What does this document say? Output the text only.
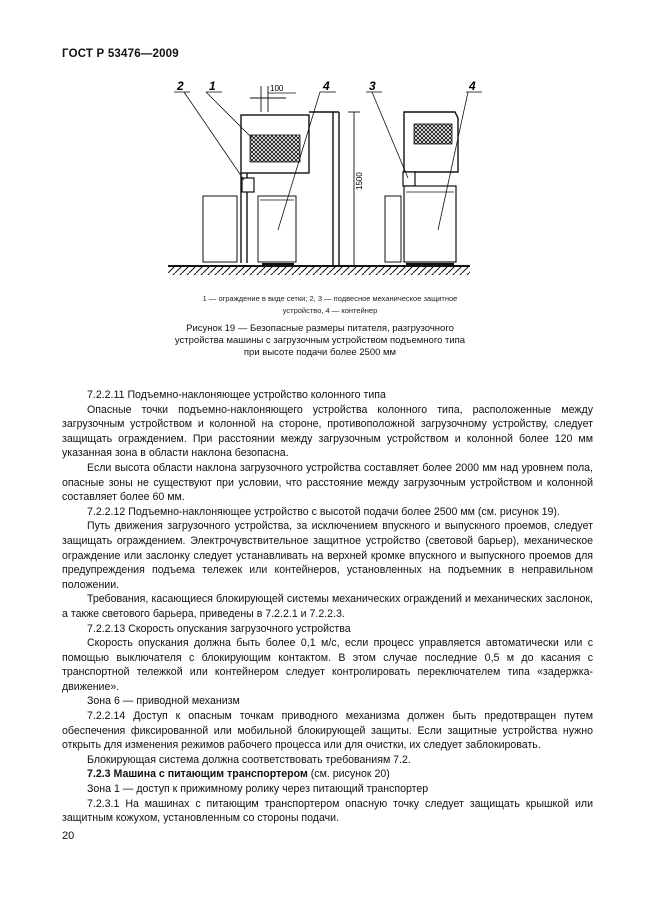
ГОСТ Р 53476—2009
1500
100
2 1	4	3	4
1 — ограждение в виде сетки; 2, 3 — подвесное механическое защитное
устройство, 4 — контейнер
Рисунок 19 — Безопасные размеры питателя, разгрузочного
устройства машины с загрузочным устройством подъемного типа
при высоте подачи более 2500 мм

7.2.2.11 Подъемно-наклоняющее устройство колонного типа

Опасные точки подъемно-наклоняющего устройства колонного типа, расположенные между загрузочным устройством и колонной на стороне, противоположной загрузочному устройству, следует защищать ограждением. При расстоянии между загрузочным устройством и колонной более 120 мм указанная зона в области наклона безопасна.

Если высота области наклона загрузочного устройства составляет более 2000 мм над уровнем пола, опасные зоны не существуют при условии, что расстояние между загрузочным устройством и колонной составляет более 60 мм.

7.2.2.12 Подъемно-наклоняющее устройство с высотой подачи более 2500 мм (см. рисунок 19).

Путь движения загрузочного устройства, за исключением впускного и выпускного проемов, следует защищать ограждением. Электрочувствительное защитное устройство (световой барьер), механическое ограждение или заслонку следует устанавливать на верхней кромке впускного и выпускного проемов для предупреждения подъема тележек или контейнеров, установленных на подъемник в неправильном положении.

Требования, касающиеся блокирующей системы механических ограждений и механических заслонок, а также светового барьера, приведены в 7.2.2.1 и 7.2.2.3.

7.2.2.13 Скорость опускания загрузочного устройства

Скорость опускания должна быть более 0,1 м/с, если процесс управляется автоматически или с помощью выключателя с блокирующим контактом. В этом случае последние 0,5 м до касания с транспортной тележкой или контейнером следует контролировать переключателем типа «задержка-движение».

Зона 6 — приводной механизм

7.2.2.14 Доступ к опасным точкам приводного механизма должен быть предотвращен путем обеспечения фиксированной или мобильной блокирующей защиты. Если защитные устройства нужно открыть для изменения режимов рабочего процесса или для очистки, их следует заблокировать.

Блокирующая система должна соответствовать требованиям 7.2.

7.2.3 Машина с питающим транспортером (см. рисунок 20)

Зона 1 — доступ к прижимному ролику через питающий транспортер

7.2.3.1 На машинах с питающим транспортером опасную точку следует защищать крышкой или защитным кожухом, установленным со стороны подачи.

20
